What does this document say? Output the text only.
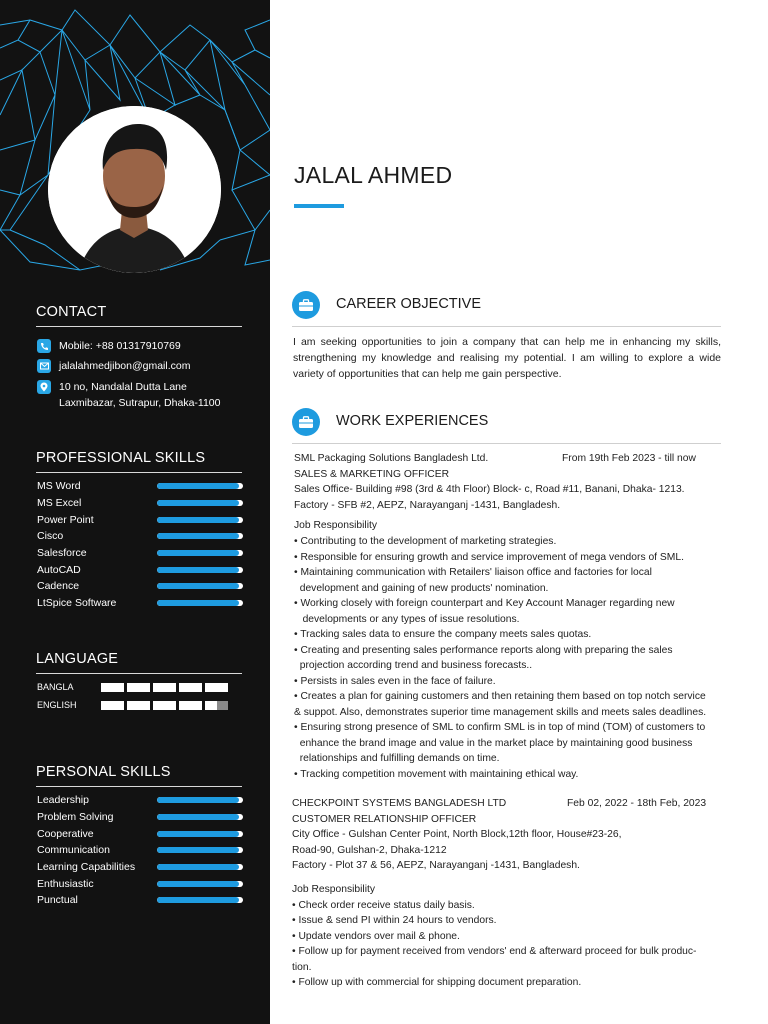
CONTACT
Mobile: +88 01317910769
jalalahmedjibon@gmail.com
10 no, Nandalal Dutta Lane
Laxmibazar, Sutrapur, Dhaka-1100
PROFESSIONAL SKILLS
MS Word
MS Excel
Power Point
Cisco
Salesforce
AutoCAD
Cadence
LtSpice Software
LANGUAGE
BANGLA
ENGLISH
PERSONAL SKILLS
Leadership
Problem Solving
Cooperative
Communication
Learning Capabilities
Enthusiastic
Punctual
JALAL AHMED
CAREER OBJECTIVE
I am seeking opportunities to join a company that can help me in enhancing my skills, strengthening my knowledge and realising my potential. I am willing to explore a wide variety of opportunities that can help me gain perspective.
WORK EXPERIENCES
SML Packaging Solutions Bangladesh Ltd.	From 19th Feb 2023 - till now
SALES & MARKETING OFFICER
Sales Office- Building #98 (3rd & 4th Floor) Block- c, Road #11, Banani, Dhaka- 1213.
Factory - SFB #2, AEPZ, Narayanganj -1431, Bangladesh.
Job Responsibility
• Contributing to the development of marketing strategies.
• Responsible for ensuring growth and service improvement of mega vendors of SML.
• Maintaining communication with Retailers' liaison office and factories for local
development and gaining of new products' nomination.
• Working closely with foreign counterpart and Key Account Manager regarding new
developments or any types of issue resolutions.
• Tracking sales data to ensure the company meets sales quotas.
• Creating and presenting sales performance reports along with preparing the sales
projection according trend and business forecasts..
• Persists in sales even in the face of failure.
• Creates a plan for gaining customers and then retaining them based on top notch service
& suppot. Also, demonstrates superior time management skills and meets sales deadlines.
• Ensuring strong presence of SML to confirm SML is in top of mind (TOM) of customers to
enhance the brand image and value in the market place by maintaining good business
relationships and fulfilling demands on time.
• Tracking competition movement with maintaining ethical way.
CHECKPOINT SYSTEMS BANGLADESH LTD	Feb 02, 2022 - 18th Feb, 2023
CUSTOMER RELATIONSHIP OFFICER
City Office - Gulshan Center Point, North Block,12th floor, House#23-26,
Road-90, Gulshan-2, Dhaka-1212
Factory - Plot 37 & 56, AEPZ, Narayanganj -1431, Bangladesh.
Job Responsibility
• Check order receive status daily basis.
• Issue & send PI within 24 hours to vendors.
• Update vendors over mail & phone.
• Follow up for payment received from vendors' end & afterward proceed for bulk produc-
tion.
• Follow up with commercial for shipping document preparation.
